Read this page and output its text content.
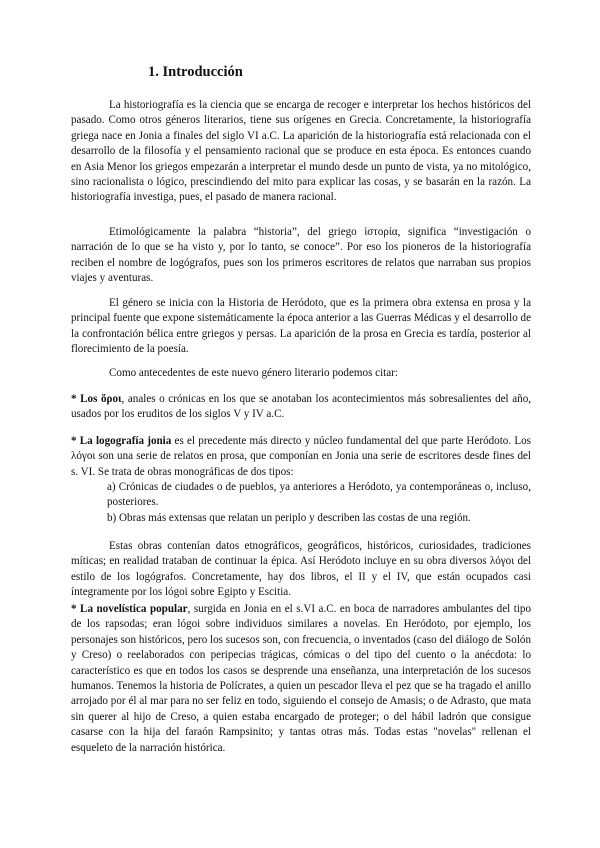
1. Introducción

La historiografía es la ciencia que se encarga de recoger e interpretar los hechos históricos del pasado. Como otros géneros literarios, tiene sus orígenes en Grecia. Concretamente, la historiografía griega nace en Jonia a finales del siglo VI a.C. La aparición de la historiografía está relacionada con el desarrollo de la filosofía y el pensamiento racional que se produce en esta época. Es entonces cuando en Asia Menor los griegos empezarán a interpretar el mundo desde un punto de vista, ya no mitológico, sino racionalista o lógico, prescindiendo del mito para explicar las cosas, y se basarán en la razón. La historiografía investiga, pues, el pasado de manera racional.

Etimológicamente la palabra “historia”, del griego ἱστορία, significa “investigación o narración de lo que se ha visto y, por lo tanto, se conoce”. Por eso los pioneros de la historiografía reciben el nombre de logógrafos, pues son los primeros escritores de relatos que narraban sus propios viajes y aventuras.

El género se inicia con la Historia de Heródoto, que es la primera obra extensa en prosa y la principal fuente que expone sistemáticamente la época anterior a las Guerras Médicas y el desarrollo de la confrontación bélica entre griegos y persas. La aparición de la prosa en Grecia es tardía, posterior al florecimiento de la poesía.

Como antecedentes de este nuevo género literario podemos citar:

* Los ὅροι, anales o crónicas en los que se anotaban los acontecimientos más sobresalientes del año, usados por los eruditos de los siglos V y IV a.C.

* La logografía jonia es el precedente más directo y núcleo fundamental del que parte Heródoto. Los λόγοι son una serie de relatos en prosa, que componían en Jonia una serie de escritores desde fines del s. VI. Se trata de obras monográficas de dos tipos:

a) Crónicas de ciudades o de pueblos, ya anteriores a Heródoto, ya contemporáneas o, incluso, posteriores.

b) Obras más extensas que relatan un periplo y describen las costas de una región.

Estas obras contenían datos etnográficos, geográficos, históricos, curiosidades, tradiciones míticas; en realidad trataban de continuar la épica. Así Heródoto incluye en su obra diversos λόγοι del estilo de los logógrafos. Concretamente, hay dos libros, el II y el IV, que están ocupados casi íntegramente por los lógoi sobre Egipto y Escitia.

* La novelística popular, surgida en Jonia en el s.VI a.C. en boca de narradores ambulantes del tipo de los rapsodas; eran lógoi sobre individuos similares a novelas. En Heródoto, por ejemplo, los personajes son históricos, pero los sucesos son, con frecuencia, o inventados (caso del diálogo de Solón y Creso) o reelaborados con peripecias trágicas, cómicas o del tipo del cuento o la anécdota: lo característico es que en todos los casos se desprende una enseñanza, una interpretación de los sucesos humanos. Tenemos la historia de Polícrates, a quien un pescador lleva el pez que se ha tragado el anillo arrojado por él al mar para no ser feliz en todo, siguiendo el consejo de Amasis; o de Adrasto, que mata sin querer al hijo de Creso, a quien estaba encargado de proteger; o del hábil ladrón que consigue casarse con la hija del faraón Rampsinito; y tantas otras más. Todas estas "novelas" rellenan el esqueleto de la narración histórica.
